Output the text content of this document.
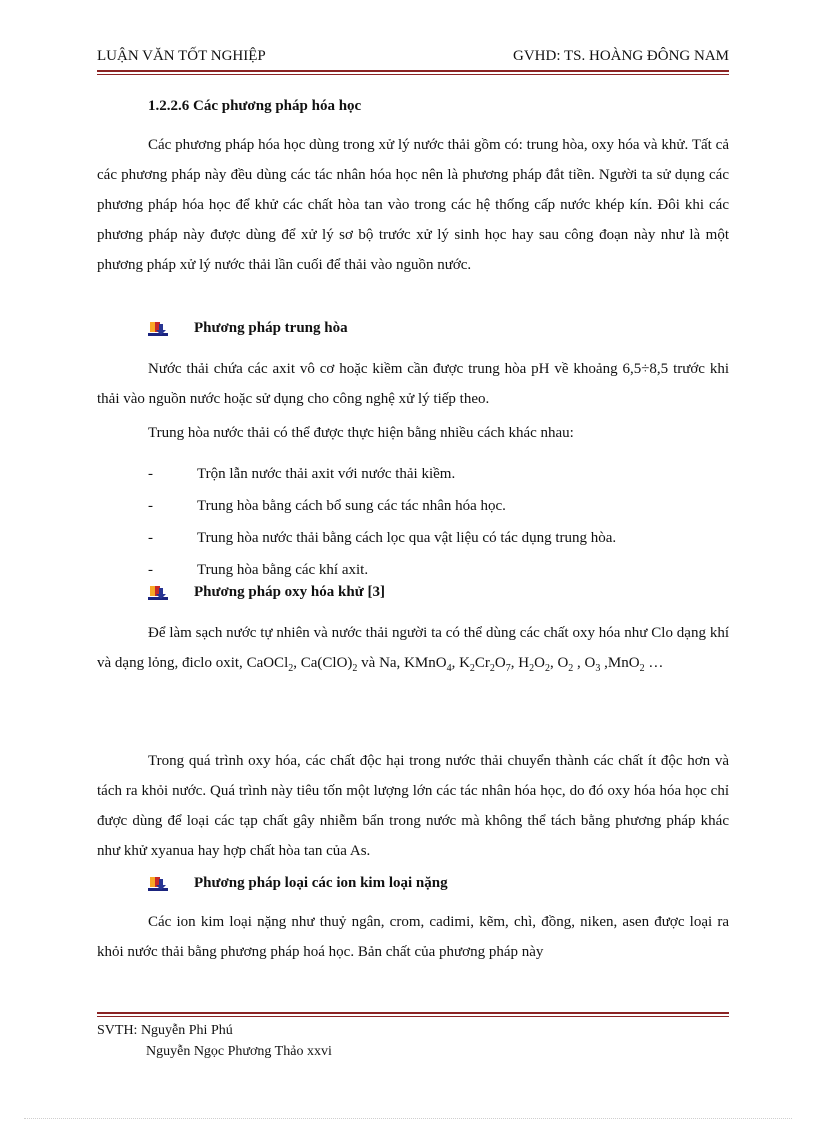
LUẬN VĂN TỐT NGHIỆP	GVHD: TS. HOÀNG ĐÔNG NAM
1.2.2.6 Các phương pháp hóa học
Các phương pháp hóa học dùng trong xử lý nước thải gồm có: trung hòa, oxy hóa và khử. Tất cả các phương pháp này đều dùng các tác nhân hóa học nên là phương pháp đắt tiền. Người ta sử dụng các phương pháp hóa học để khử các chất hòa tan vào trong các hệ thống cấp nước khép kín. Đôi khi các phương pháp này được dùng để xử lý sơ bộ trước xử lý sinh học hay sau công đoạn này như là một phương pháp xử lý nước thải lần cuối để thải vào nguồn nước.
Phương pháp trung hòa
Nước thải chứa các axit vô cơ hoặc kiềm cần được trung hòa pH về khoảng 6,5÷8,5 trước khi thải vào nguồn nước hoặc sử dụng cho công nghệ xử lý tiếp theo.
Trung hòa nước thải có thể được thực hiện bằng nhiều cách khác nhau:
-	Trộn lẫn nước thải axit với nước thải kiềm.
-	Trung hòa bằng cách bổ sung các tác nhân hóa học.
-	Trung hòa nước thải bằng cách lọc qua vật liệu có tác dụng trung hòa.
-	Trung hòa bằng các khí axit.
Phương pháp oxy hóa khử [3]
Để làm sạch nước tự nhiên và nước thải người ta có thể dùng các chất oxy hóa như Clo dạng khí và dạng lỏng, điclo oxit, CaOCl$_2$, $Ca(ClO)_2$ và Na, KMnO$_4$, $K_2Cr_2O_7$, $H_2O_2$, $O_2$ , $O_3$ ,MnO$_2$ …
Trong quá trình oxy hóa, các chất độc hại trong nước thải chuyển thành các chất ít độc hơn và tách ra khỏi nước. Quá trình này tiêu tốn một lượng lớn các tác nhân hóa học, do đó oxy hóa hóa học chỉ được dùng để loại các tạp chất gây nhiễm bẩn trong nước mà không thể tách bằng phương pháp khác như khử xyanua hay hợp chất hòa tan của As.
Phương pháp loại các ion kim loại nặng
Các ion kim loại nặng như thuỷ ngân, crom, cadimi, kẽm, chì, đồng, niken, asen được loại ra khỏi nước thải bằng phương pháp hoá học. Bản chất của phương pháp này
SVTH: Nguyễn Phi Phú
Nguyễn Ngọc Phương Thảo xxvi
